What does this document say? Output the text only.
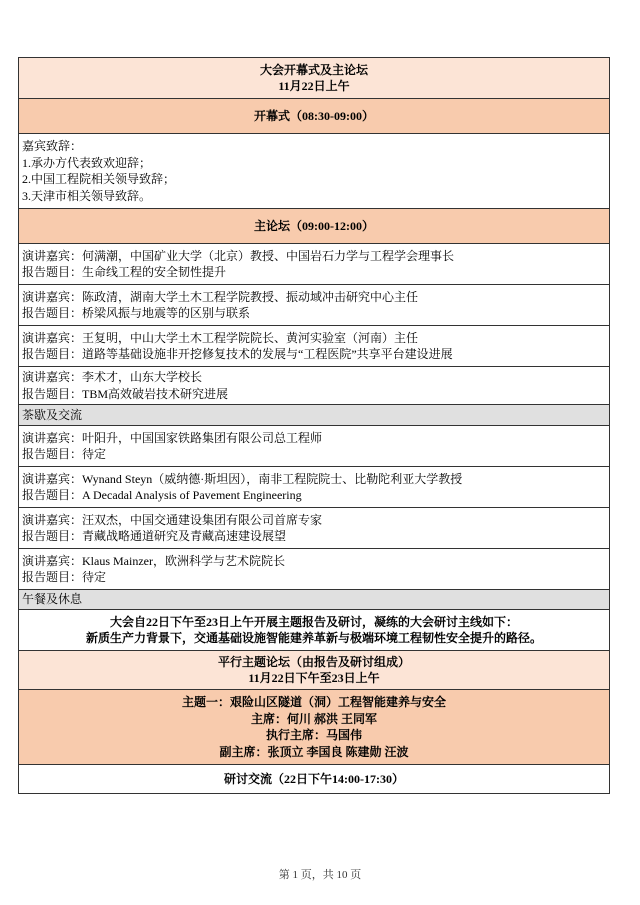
大会开幕式及主论坛
11月22日上午
开幕式（08:30-09:00）
嘉宾致辞：
1.承办方代表致欢迎辞；
2.中国工程院相关领导致辞；
3.天津市相关领导致辞。
主论坛（09:00-12:00）
演讲嘉宾：何满潮，中国矿业大学（北京）教授、中国岩石力学与工程学会理事长
报告题目：生命线工程的安全韧性提升
演讲嘉宾：陈政清，湖南大学土木工程学院教授、振动域冲击研究中心主任
报告题目：桥梁风振与地震等的区别与联系
演讲嘉宾：王复明，中山大学土木工程学院院长、黄河实验室（河南）主任
报告题目：道路等基础设施非开挖修复技术的发展与“工程医院”共享平台建设进展
演讲嘉宾：李术才，山东大学校长
报告题目：TBM高效破岩技术研究进展
茶歇及交流
演讲嘉宾：叶阳升，中国国家铁路集团有限公司总工程师
报告题目：待定
演讲嘉宾：Wynand Steyn（威纳德·斯坦因），南非工程院院士、比勒陀利亚大学教授
报告题目：A Decadal Analysis of Pavement Engineering
演讲嘉宾：汪双杰，中国交通建设集团有限公司首席专家
报告题目：青藏战略通道研究及青藏高速建设展望
演讲嘉宾：Klaus Mainzer，欧洲科学与艺术院院长
报告题目：待定
午餐及休息
大会自22日下午至23日上午开展主题报告及研讨，凝练的大会研讨主线如下：
新质生产力背景下，交通基础设施智能建养革新与极端环境工程韧性安全提升的路径。
平行主题论坛（由报告及研讨组成）
11月22日下午至23日上午
主题一：艰险山区隧道（洞）工程智能建养与安全
主席：何川 郝洪 王同军
执行主席：马国伟
副主席：张顶立 李国良 陈建勋 汪波
研讨交流（22日下午14:00-17:30）
第 1 页，共 10 页
